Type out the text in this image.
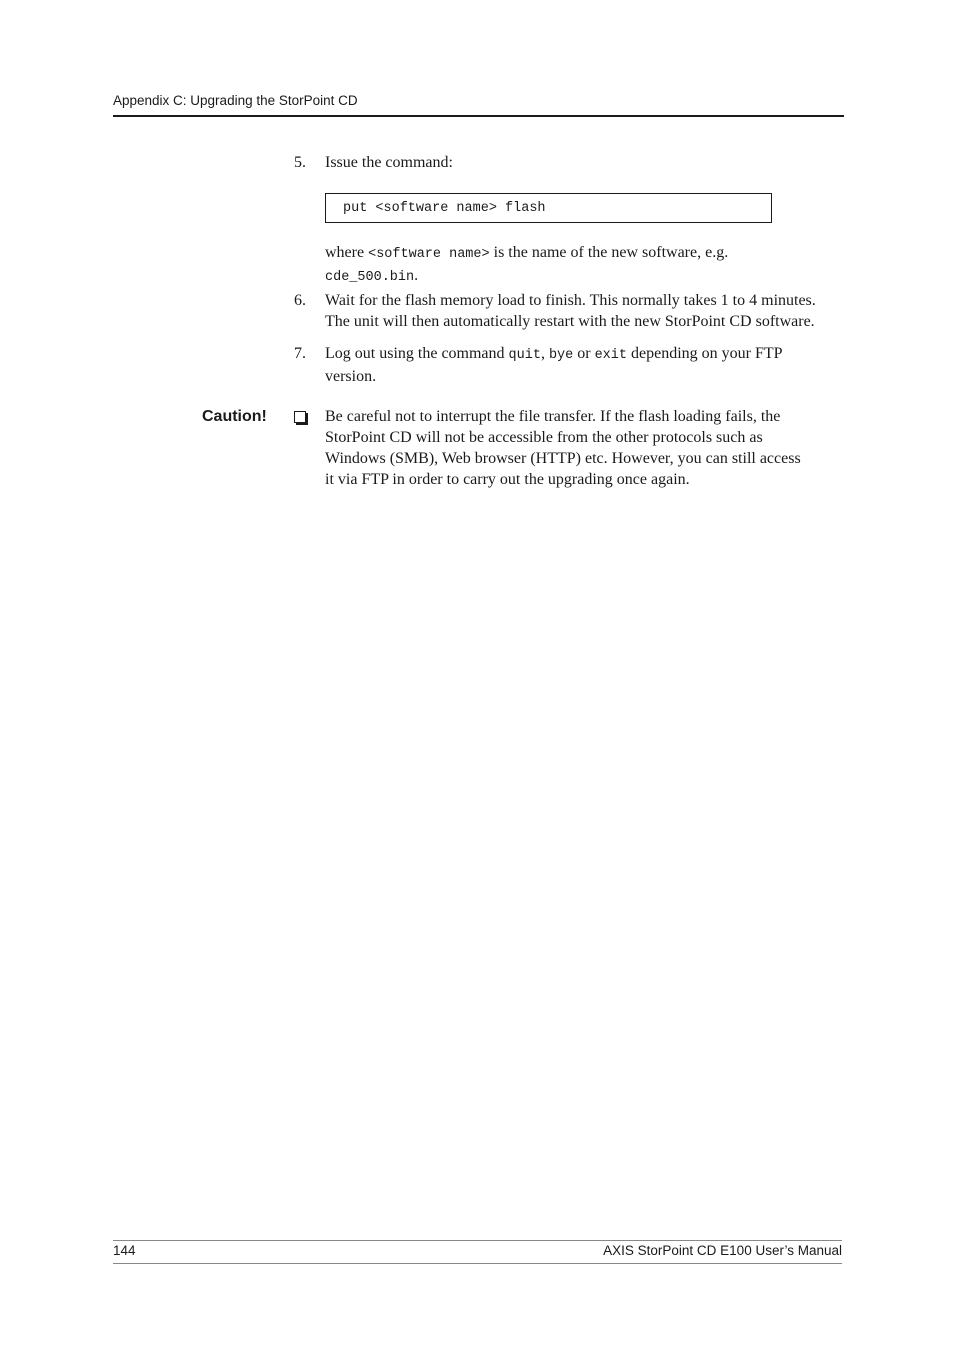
Appendix C: Upgrading the StorPoint CD
5. Issue the command:
put <software name> flash
where <software name> is the name of the new software, e.g.
cde_500.bin.
6. Wait for the flash memory load to finish. This normally takes 1 to 4 minutes.
The unit will then automatically restart with the new StorPoint CD software.
7. Log out using the command quit, bye or exit depending on your FTP
version.
Caution!	Be careful not to interrupt the file transfer. If the flash loading fails, the
StorPoint CD will not be accessible from the other protocols such as
Windows (SMB), Web browser (HTTP) etc. However, you can still access
it via FTP in order to carry out the upgrading once again.
144	AXIS StorPoint CD E100 User’s Manual
